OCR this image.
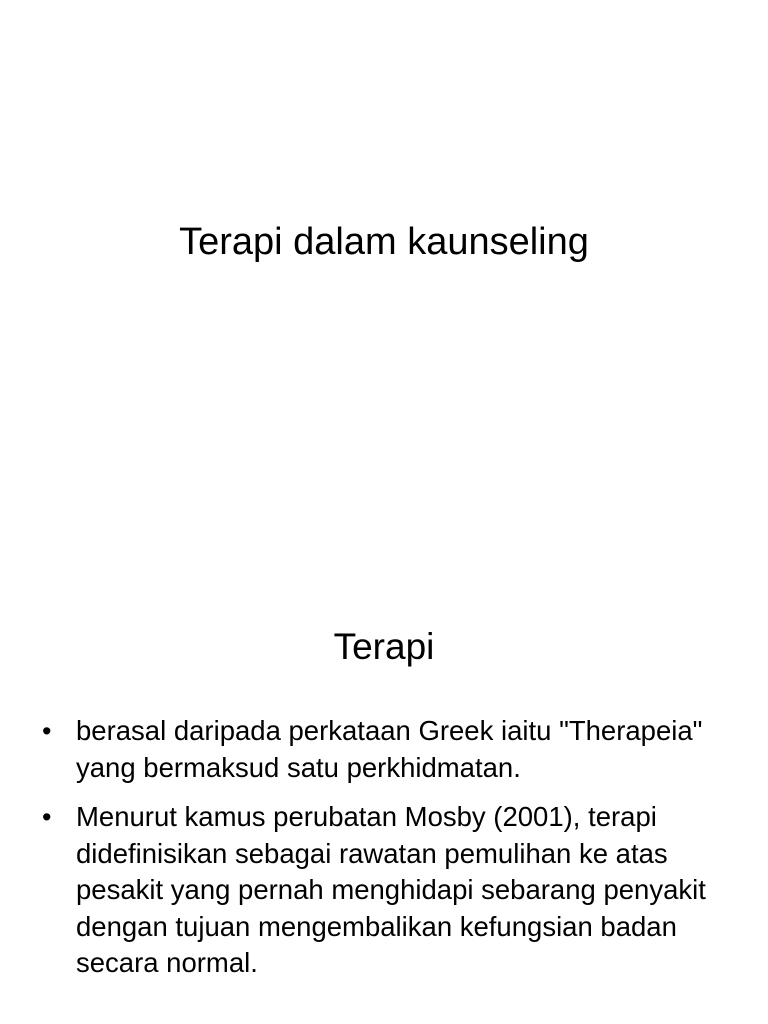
Terapi dalam kaunseling
Terapi
• berasal daripada perkataan Greek iaitu "Therapeia" yang bermaksud satu perkhidmatan.
• Menurut kamus perubatan Mosby (2001), terapi didefinisikan sebagai rawatan pemulihan ke atas pesakit yang pernah menghidapi sebarang penyakit dengan tujuan mengembalikan kefungsian badan secara normal.
